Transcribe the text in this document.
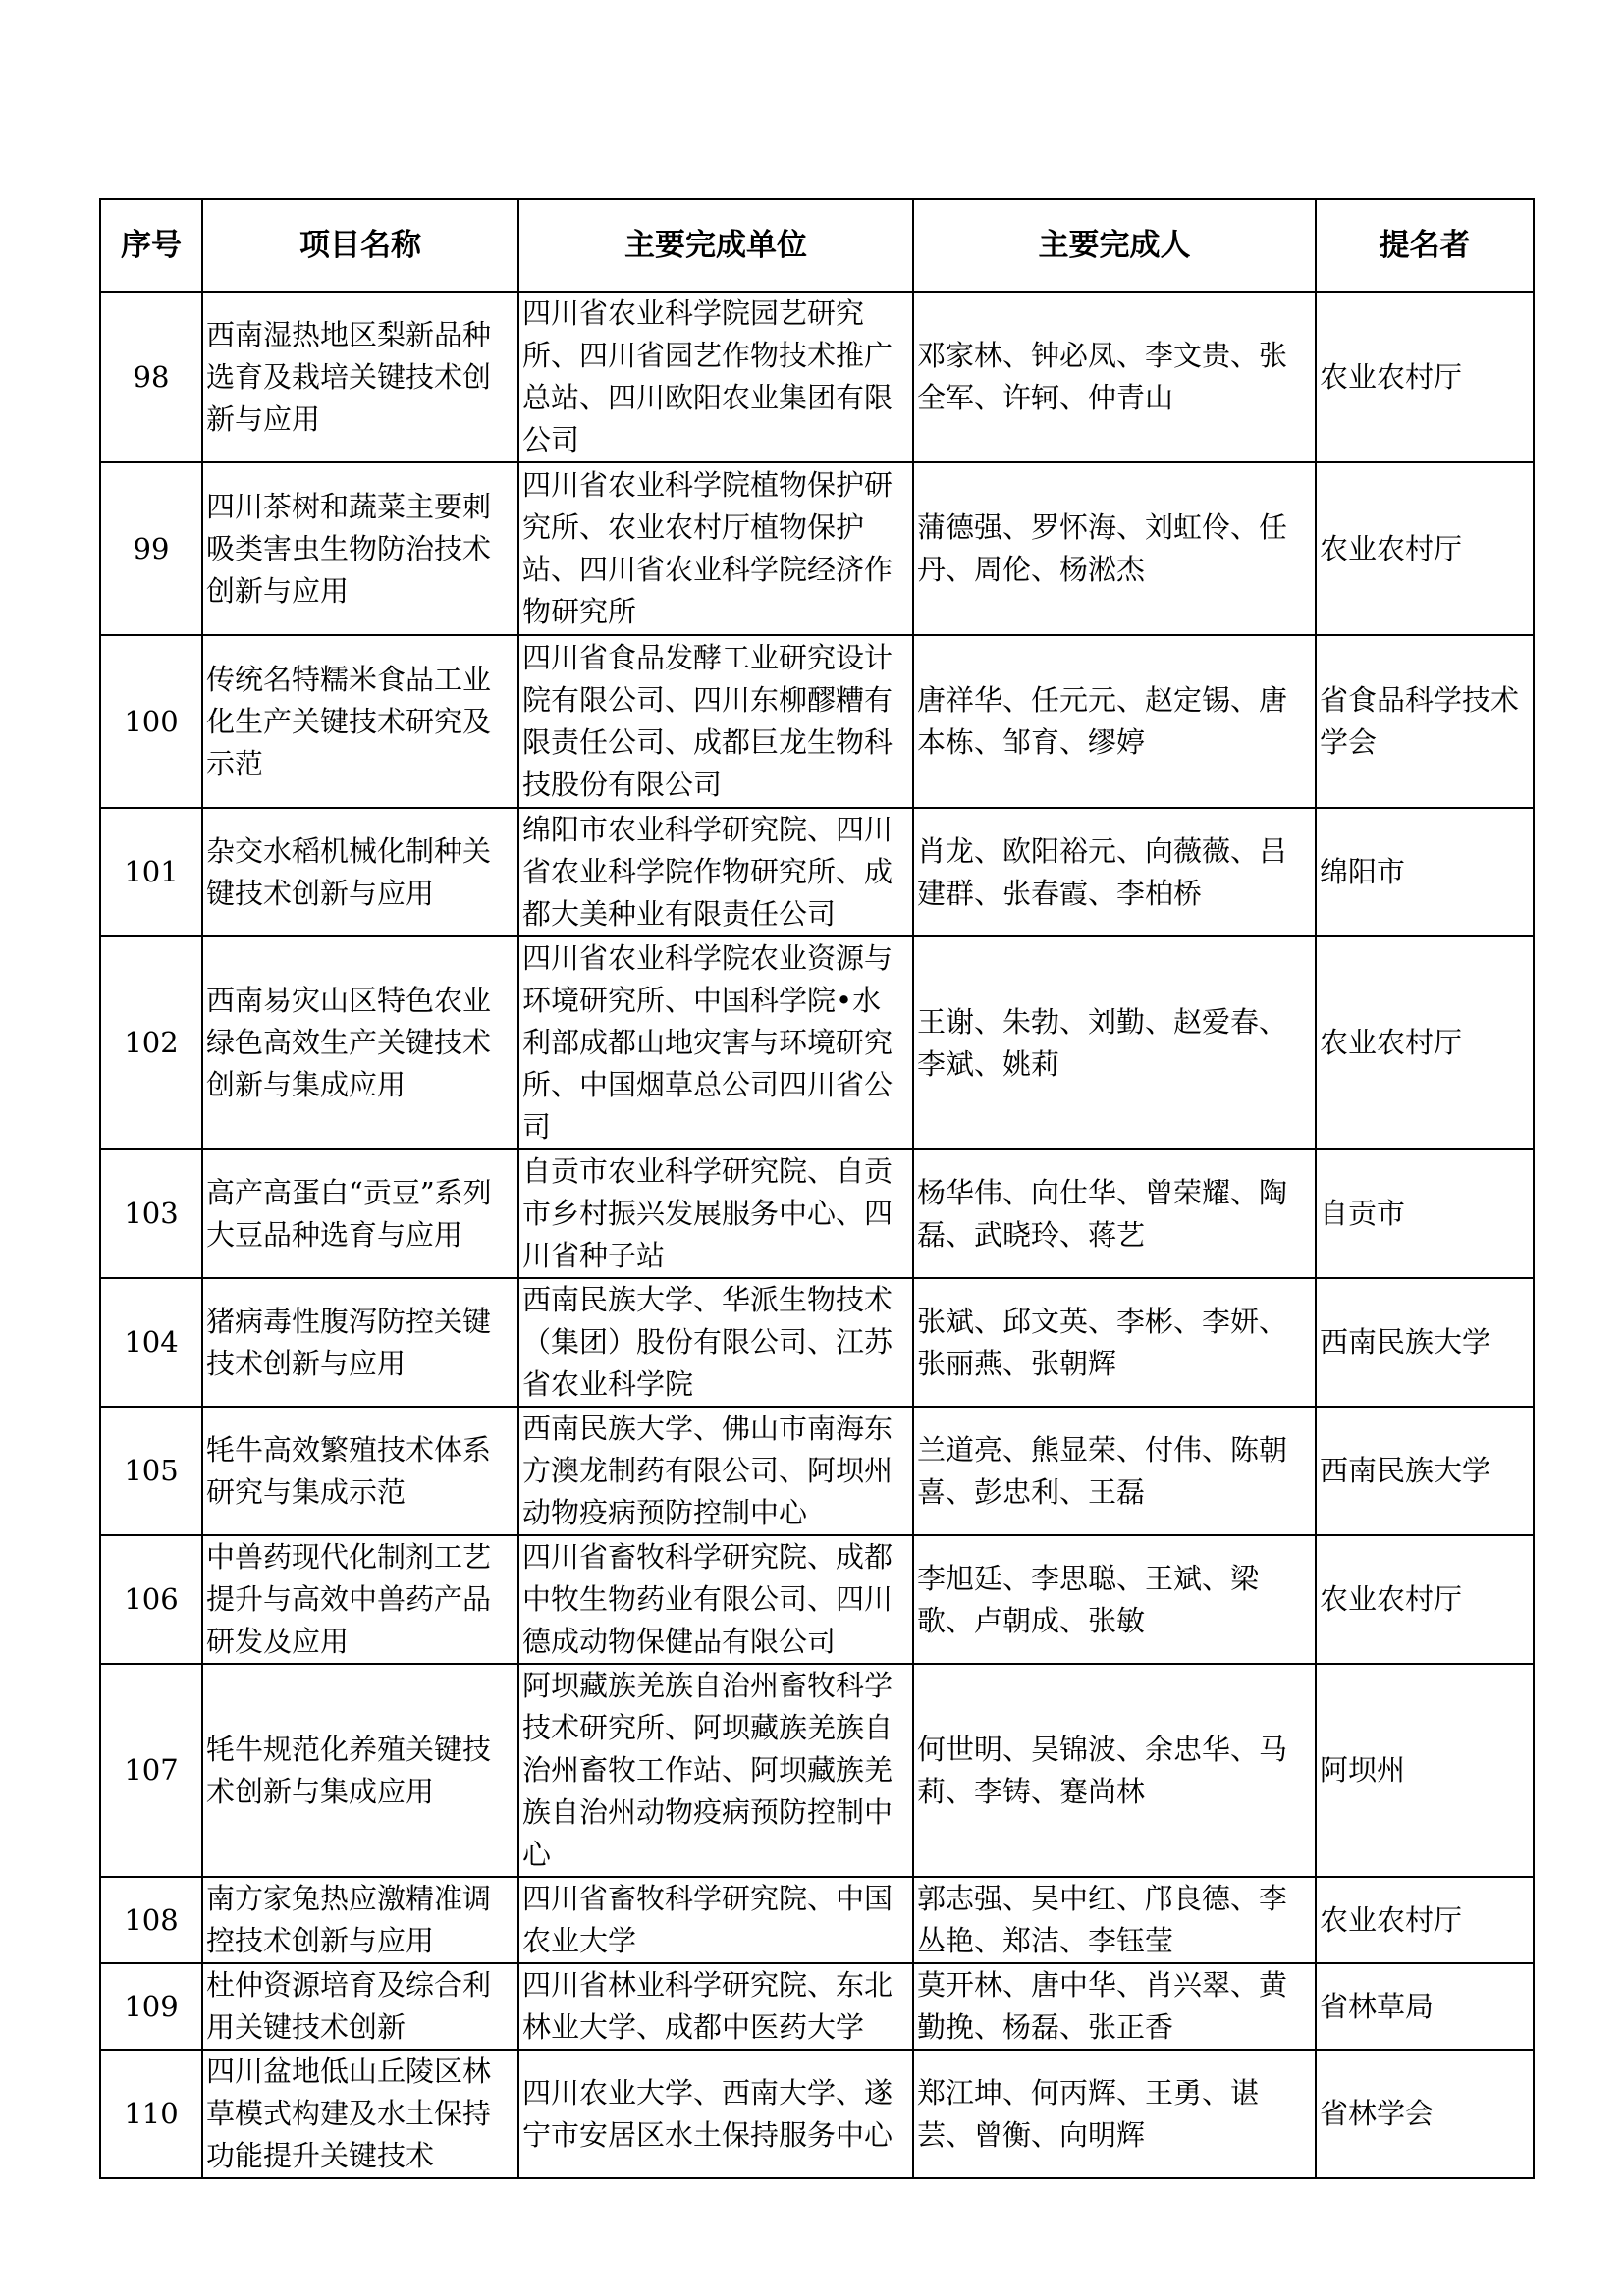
序号	项目名称	主要完成单位	主要完成人	提名者
98	西南湿热地区梨新品种选育及栽培关键技术创新与应用	四川省农业科学院园艺研究所、四川省园艺作物技术推广总站、四川欧阳农业集团有限公司	邓家林、钟必凤、李文贵、张全军、许轲、仲青山	农业农村厅
99	四川茶树和蔬菜主要刺吸类害虫生物防治技术创新与应用	四川省农业科学院植物保护研究所、农业农村厅植物保护站、四川省农业科学院经济作物研究所	蒲德强、罗怀海、刘虹伶、任丹、周伦、杨淞杰	农业农村厅
100	传统名特糯米食品工业化生产关键技术研究及示范	四川省食品发酵工业研究设计院有限公司、四川东柳醪糟有限责任公司、成都巨龙生物科技股份有限公司	唐祥华、任元元、赵定锡、唐本栋、邹育、缪婷	省食品科学技术学会
101	杂交水稻机械化制种关键技术创新与应用	绵阳市农业科学研究院、四川省农业科学院作物研究所、成都大美种业有限责任公司	肖龙、欧阳裕元、向薇薇、吕建群、张春霞、李柏桥	绵阳市
102	西南易灾山区特色农业绿色高效生产关键技术创新与集成应用	四川省农业科学院农业资源与环境研究所、中国科学院•水利部成都山地灾害与环境研究所、中国烟草总公司四川省公司	王谢、朱勃、刘勤、赵爱春、李斌、姚莉	农业农村厅
103	高产高蛋白“贡豆”系列大豆品种选育与应用	自贡市农业科学研究院、自贡市乡村振兴发展服务中心、四川省种子站	杨华伟、向仕华、曾荣耀、陶磊、武晓玲、蒋艺	自贡市
104	猪病毒性腹泻防控关键技术创新与应用	西南民族大学、华派生物技术（集团）股份有限公司、江苏省农业科学院	张斌、邱文英、李彬、李妍、张丽燕、张朝辉	西南民族大学
105	牦牛高效繁殖技术体系研究与集成示范	西南民族大学、佛山市南海东方澳龙制药有限公司、阿坝州动物疫病预防控制中心	兰道亮、熊显荣、付伟、陈朝喜、彭忠利、王磊	西南民族大学
106	中兽药现代化制剂工艺提升与高效中兽药产品研发及应用	四川省畜牧科学研究院、成都中牧生物药业有限公司、四川德成动物保健品有限公司	李旭廷、李思聪、王斌、梁歌、卢朝成、张敏	农业农村厅
107	牦牛规范化养殖关键技术创新与集成应用	阿坝藏族羌族自治州畜牧科学技术研究所、阿坝藏族羌族自治州畜牧工作站、阿坝藏族羌族自治州动物疫病预防控制中心	何世明、吴锦波、余忠华、马莉、李铸、蹇尚林	阿坝州
108	南方家兔热应激精准调控技术创新与应用	四川省畜牧科学研究院、中国农业大学	郭志强、吴中红、邝良德、李丛艳、郑洁、李钰莹	农业农村厅
109	杜仲资源培育及综合利用关键技术创新	四川省林业科学研究院、东北林业大学、成都中医药大学	莫开林、唐中华、肖兴翠、黄勤挽、杨磊、张正香	省林草局
110	四川盆地低山丘陵区林草模式构建及水土保持功能提升关键技术	四川农业大学、西南大学、遂宁市安居区水土保持服务中心	郑江坤、何丙辉、王勇、谌芸、曾衡、向明辉	省林学会
